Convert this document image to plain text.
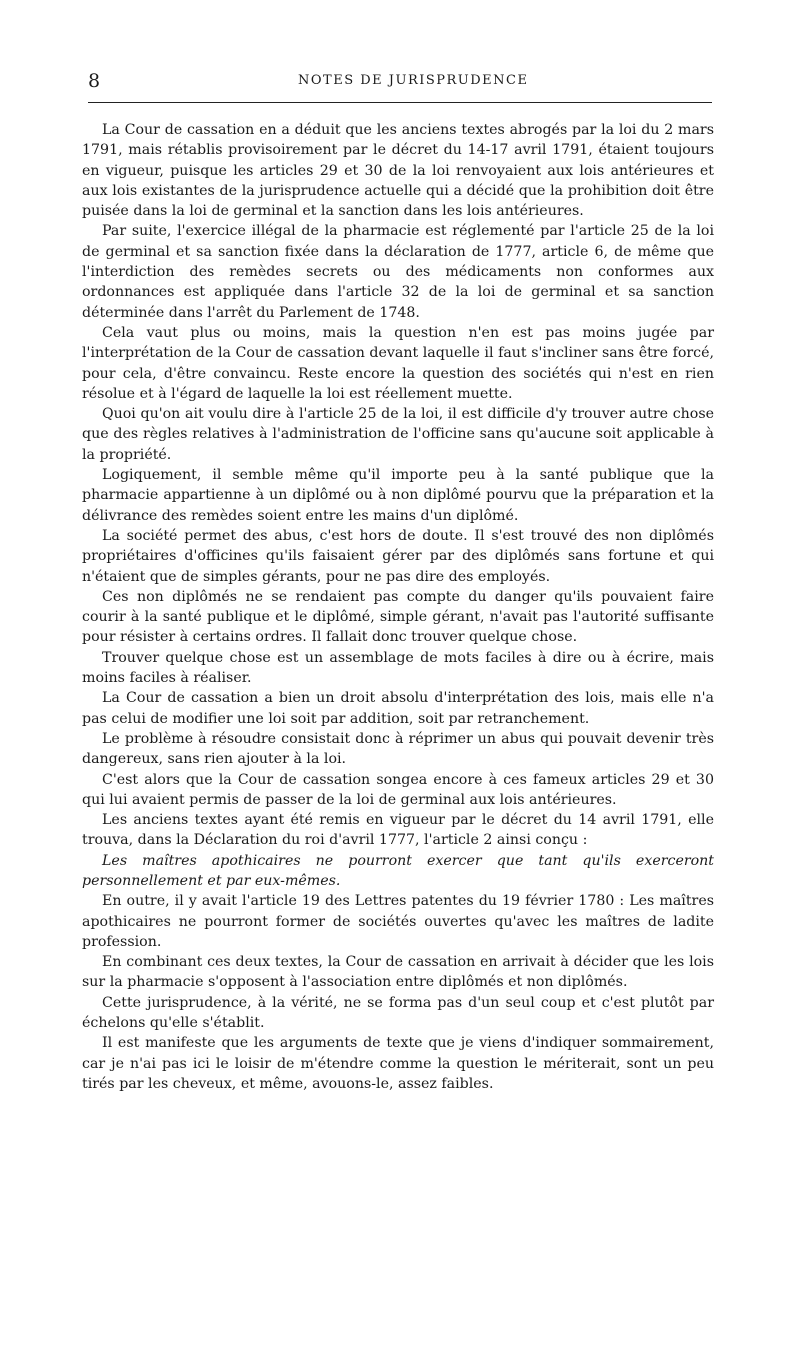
8	NOTES DE JURISPRUDENCE

La Cour de cassation en a déduit que les anciens textes abrogés par la loi du 2 mars 1791, mais rétablis provisoirement par le décret du 14-17 avril 1791, étaient toujours en vigueur, puisque les articles 29 et 30 de la loi renvoyaient aux lois antérieures et aux lois existantes de la jurisprudence actuelle qui a décidé que la prohibition doit être puisée dans la loi de germinal et la sanction dans les lois antérieures.

Par suite, l'exercice illégal de la pharmacie est réglementé par l'article 25 de la loi de germinal et sa sanction fixée dans la déclaration de 1777, article 6, de même que l'interdiction des remèdes secrets ou des médicaments non conformes aux ordonnances est appliquée dans l'article 32 de la loi de germinal et sa sanction déterminée dans l'arrêt du Parlement de 1748.

Cela vaut plus ou moins, mais la question n'en est pas moins jugée par l'interprétation de la Cour de cassation devant laquelle il faut s'incliner sans être forcé, pour cela, d'être convaincu. Reste encore la question des sociétés qui n'est en rien résolue et à l'égard de laquelle la loi est réellement muette.

Quoi qu'on ait voulu dire à l'article 25 de la loi, il est difficile d'y trouver autre chose que des règles relatives à l'administration de l'officine sans qu'aucune soit applicable à la propriété.

Logiquement, il semble même qu'il importe peu à la santé publique que la pharmacie appartienne à un diplômé ou à non diplômé pourvu que la préparation et la délivrance des remèdes soient entre les mains d'un diplômé.

La société permet des abus, c'est hors de doute. Il s'est trouvé des non diplômés propriétaires d'officines qu'ils faisaient gérer par des diplômés sans fortune et qui n'étaient que de simples gérants, pour ne pas dire des employés.

Ces non diplômés ne se rendaient pas compte du danger qu'ils pouvaient faire courir à la santé publique et le diplômé, simple gérant, n'avait pas l'autorité suffisante pour résister à certains ordres. Il fallait donc trouver quelque chose.

Trouver quelque chose est un assemblage de mots faciles à dire ou à écrire, mais moins faciles à réaliser.

La Cour de cassation a bien un droit absolu d'interprétation des lois, mais elle n'a pas celui de modifier une loi soit par addition, soit par retranchement.

Le problème à résoudre consistait donc à réprimer un abus qui pouvait devenir très dangereux, sans rien ajouter à la loi.

C'est alors que la Cour de cassation songea encore à ces fameux articles 29 et 30 qui lui avaient permis de passer de la loi de germinal aux lois antérieures.

Les anciens textes ayant été remis en vigueur par le décret du 14 avril 1791, elle trouva, dans la Déclaration du roi d'avril 1777, l'article 2 ainsi conçu :

Les maîtres apothicaires ne pourront exercer que tant qu'ils exerceront personnellement et par eux-mêmes.

En outre, il y avait l'article 19 des Lettres patentes du 19 février 1780 : Les maîtres apothicaires ne pourront former de sociétés ouvertes qu'avec les maîtres de ladite profession.

En combinant ces deux textes, la Cour de cassation en arrivait à décider que les lois sur la pharmacie s'opposent à l'association entre diplômés et non diplômés.

Cette jurisprudence, à la vérité, ne se forma pas d'un seul coup et c'est plutôt par échelons qu'elle s'établit.

Il est manifeste que les arguments de texte que je viens d'indiquer sommairement, car je n'ai pas ici le loisir de m'étendre comme la question le mériterait, sont un peu tirés par les cheveux, et même, avouons-le, assez faibles.
